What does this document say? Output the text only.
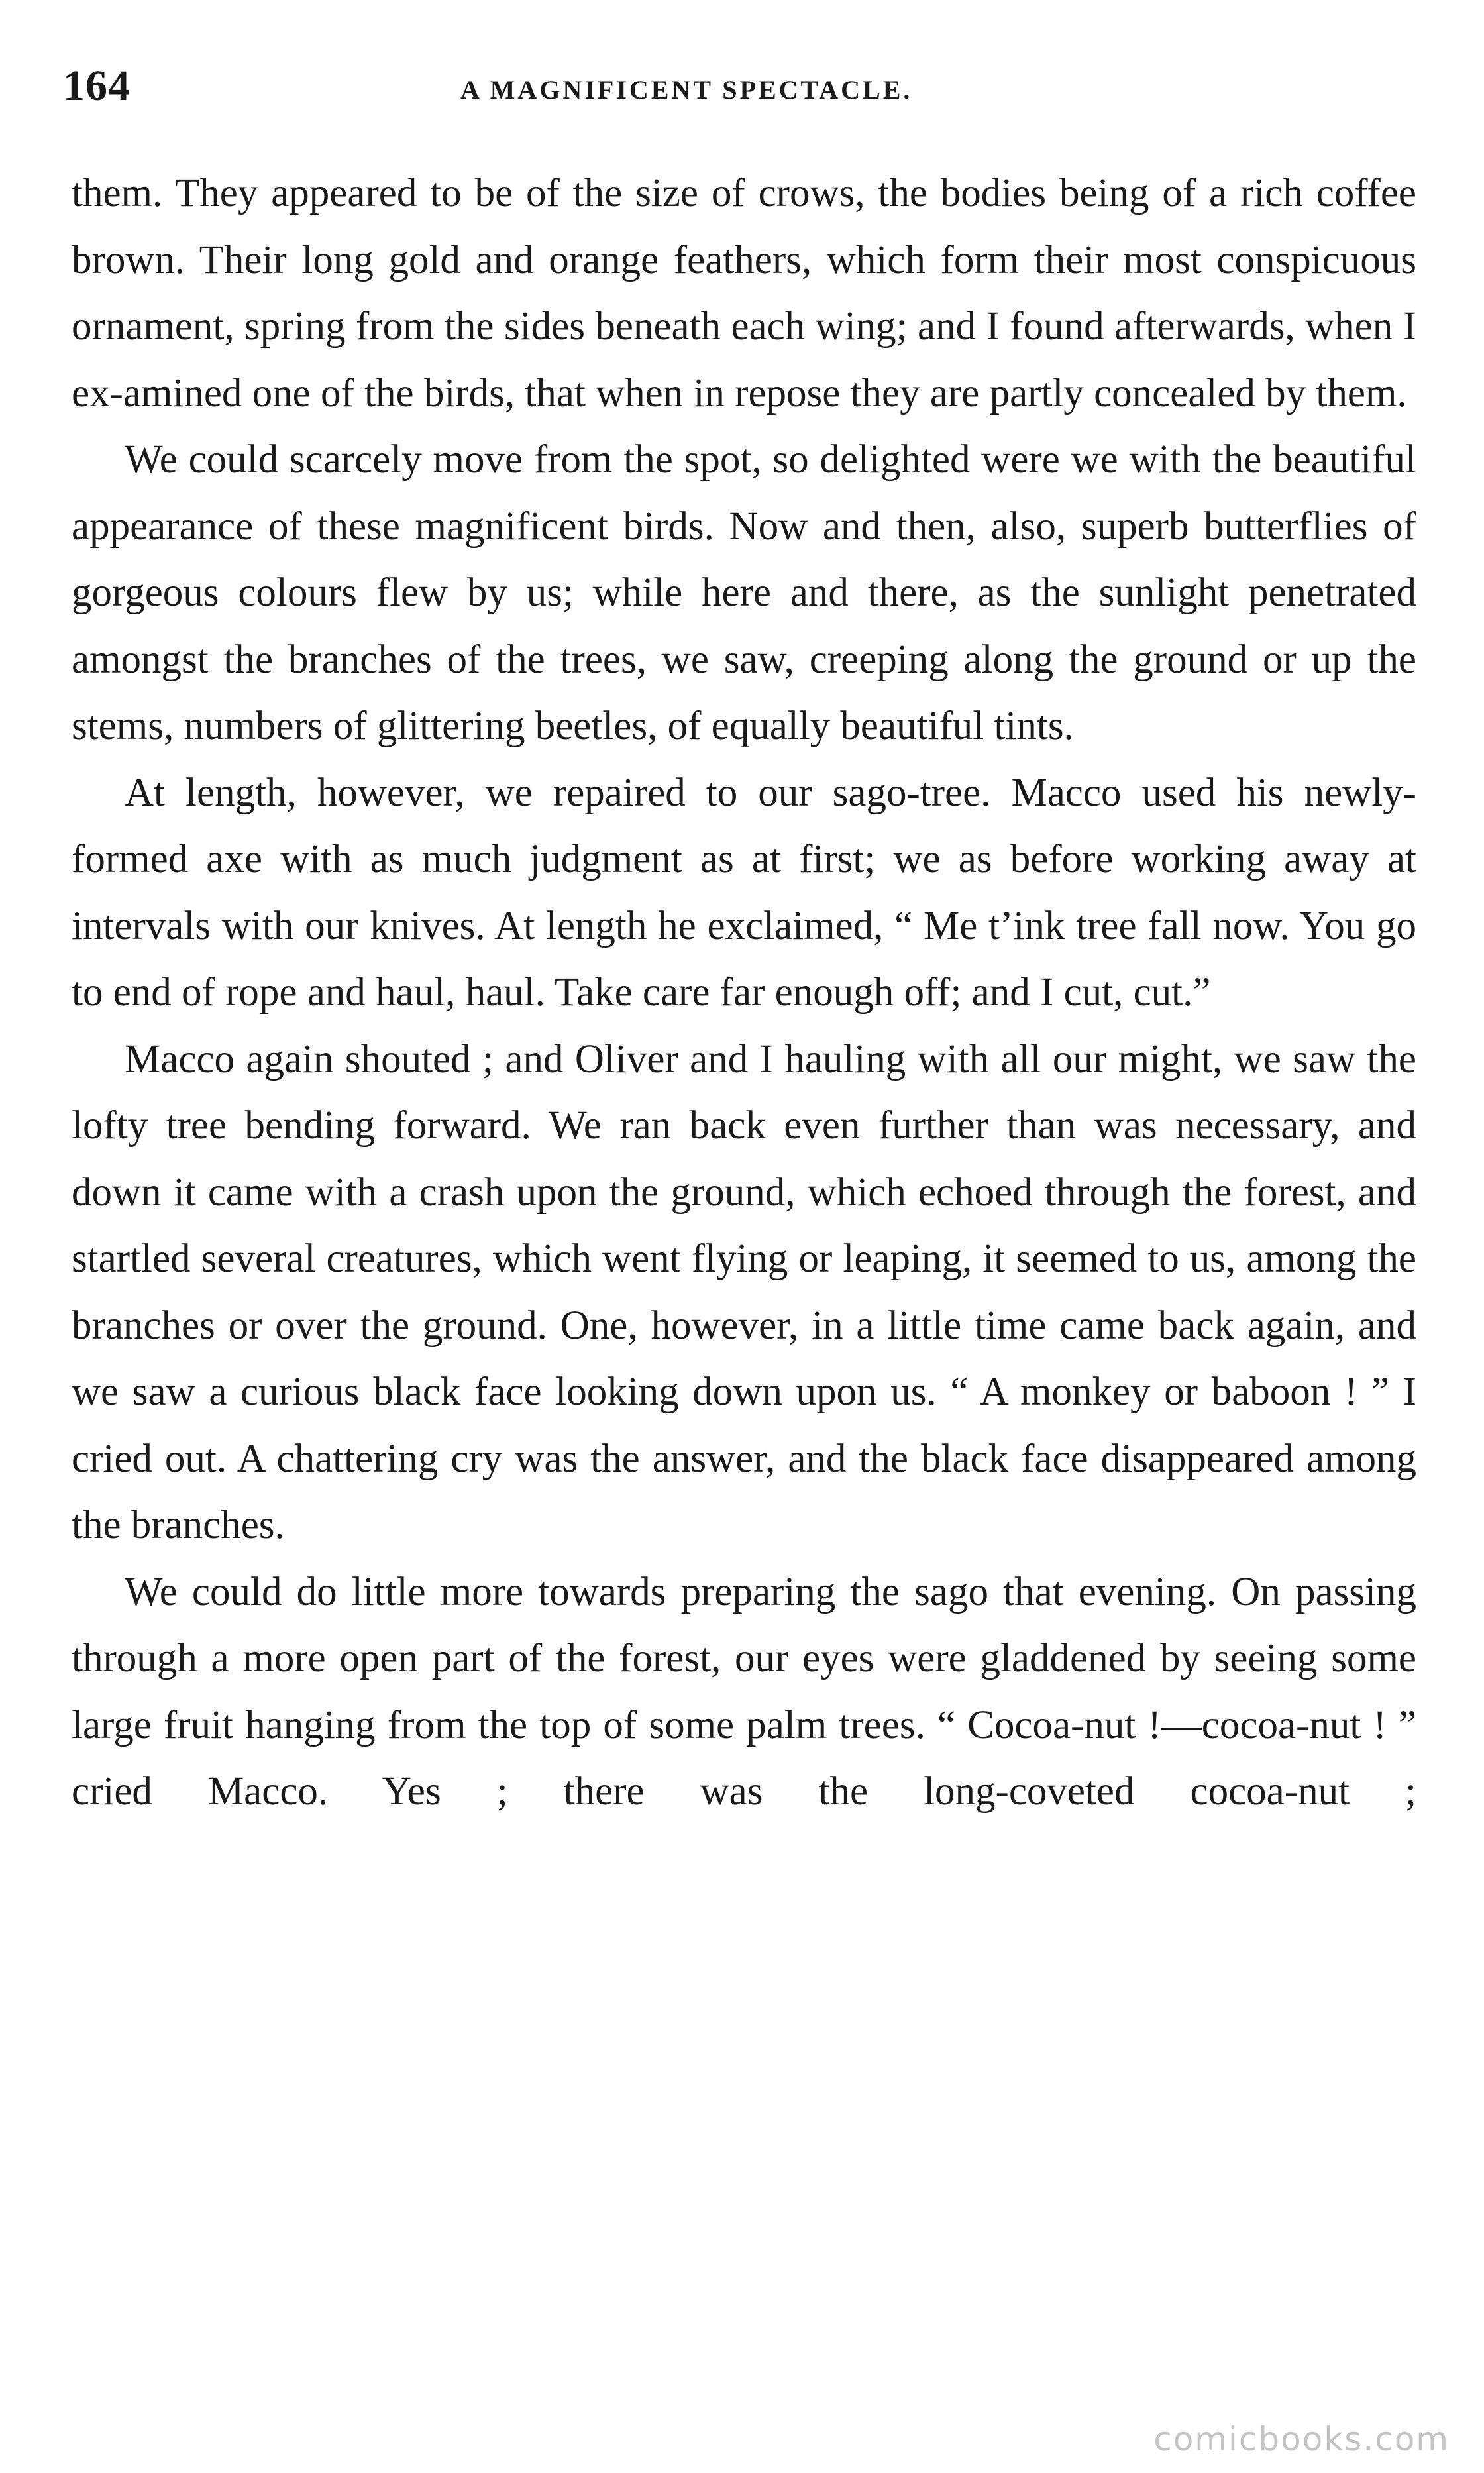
164	A MAGNIFICENT SPECTACLE.

them. They appeared to be of the size of crows, the bodies being of a rich coffee brown. Their long gold and orange feathers, which form their most conspicuous ornament, spring from the sides beneath each wing; and I found afterwards, when I ex-amined one of the birds, that when in repose they are partly concealed by them.

We could scarcely move from the spot, so delighted were we with the beautiful appearance of these magnificent birds. Now and then, also, superb butterflies of gorgeous colours flew by us; while here and there, as the sunlight penetrated amongst the branches of the trees, we saw, creeping along the ground or up the stems, numbers of glittering beetles, of equally beautiful tints.

At length, however, we repaired to our sago-tree. Macco used his newly-formed axe with as much judgment as at first; we as before working away at intervals with our knives. At length he exclaimed, “ Me t’ink tree fall now. You go to end of rope and haul, haul. Take care far enough off; and I cut, cut.”

Macco again shouted ; and Oliver and I hauling with all our might, we saw the lofty tree bending forward. We ran back even further than was necessary, and down it came with a crash upon the ground, which echoed through the forest, and startled several creatures, which went flying or leaping, it seemed to us, among the branches or over the ground. One, however, in a little time came back again, and we saw a curious black face looking down upon us. “ A monkey or baboon ! ” I cried out. A chattering cry was the answer, and the black face disappeared among the branches.

We could do little more towards preparing the sago that evening. On passing through a more open part of the forest, our eyes were gladdened by seeing some large fruit hanging from the top of some palm trees. “ Cocoa-nut !—cocoa-nut ! ” cried Macco. Yes ; there was the long-coveted cocoa-nut ;

comicbooks.com
